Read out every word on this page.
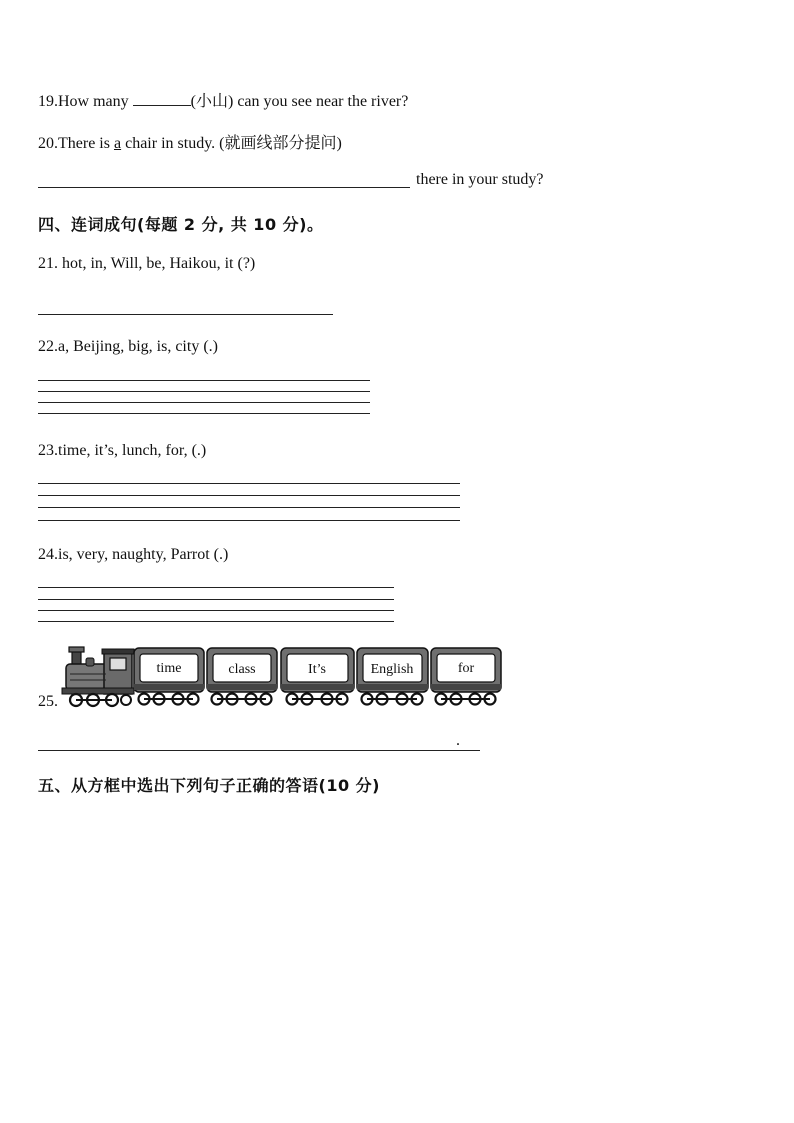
19.How many	(小山) can you see near the river?
20.There is a chair in study. (就画线部分提问)
there in your study?
四、连词成句(每题 2 分, 共 10 分)。
21. hot, in, Will, be, Haikou, it (?)
22.a, Beijing, big, is, city (.)
23.time, it’s, lunch, for, (.)
24.is, very, naughty, Parrot (.)
25.
time	class	It’s	English	for
.
五、从方框中选出下列句子正确的答语(10 分)
